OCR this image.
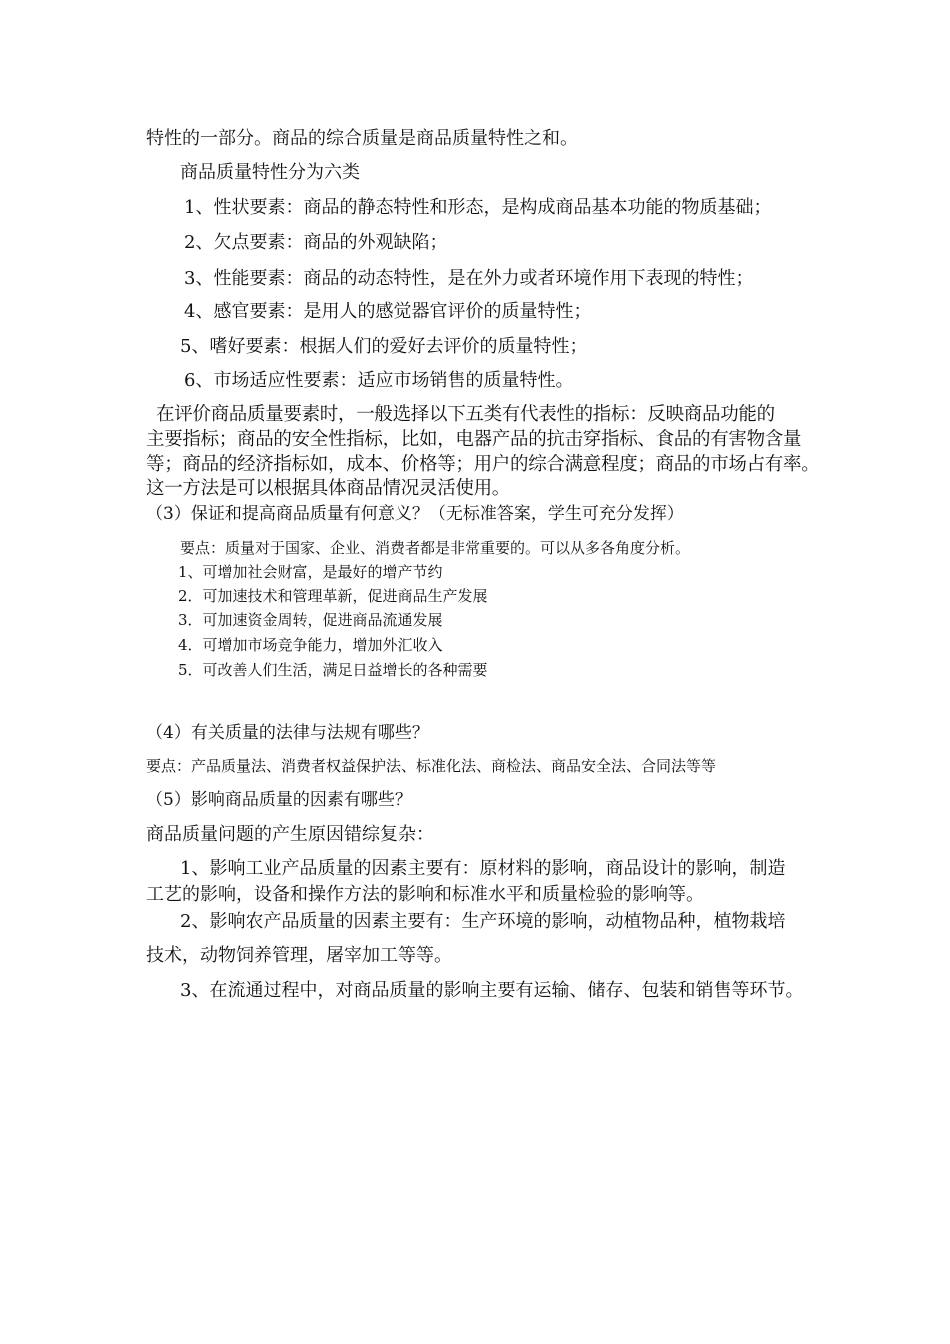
特性的一部分。商品的综合质量是商品质量特性之和。

商品质量特性分为六类

1、性状要素：商品的静态特性和形态，是构成商品基本功能的物质基础；

2、欠点要素：商品的外观缺陷；

3、性能要素：商品的动态特性，是在外力或者环境作用下表现的特性；

4、感官要素：是用人的感觉器官评价的质量特性；

5、嗜好要素：根据人们的爱好去评价的质量特性；

6、市场适应性要素：适应市场销售的质量特性。

在评价商品质量要素时，一般选择以下五类有代表性的指标：反映商品功能的

主要指标；商品的安全性指标，比如，电器产品的抗击穿指标、食品的有害物含量

等；商品的经济指标如，成本、价格等；用户的综合满意程度；商品的市场占有率。

这一方法是可以根据具体商品情况灵活使用。

（3）保证和提高商品质量有何意义？（无标准答案，学生可充分发挥）

要点：质量对于国家、企业、消费者都是非常重要的。可以从多各角度分析。

1、可增加社会财富，是最好的增产节约

2．可加速技术和管理革新，促进商品生产发展

3．可加速资金周转，促进商品流通发展

4．可增加市场竞争能力，增加外汇收入

5．可改善人们生活，满足日益增长的各种需要

（4）有关质量的法律与法规有哪些？

要点：产品质量法、消费者权益保护法、标准化法、商检法、商品安全法、合同法等等

（5）影响商品质量的因素有哪些？

商品质量问题的产生原因错综复杂：

1、影响工业产品质量的因素主要有：原材料的影响，商品设计的影响，制造

工艺的影响，设备和操作方法的影响和标准水平和质量检验的影响等。

2、影响农产品质量的因素主要有：生产环境的影响，动植物品种，植物栽培

技术，动物饲养管理，屠宰加工等等。

3、在流通过程中，对商品质量的影响主要有运输、储存、包装和销售等环节。
